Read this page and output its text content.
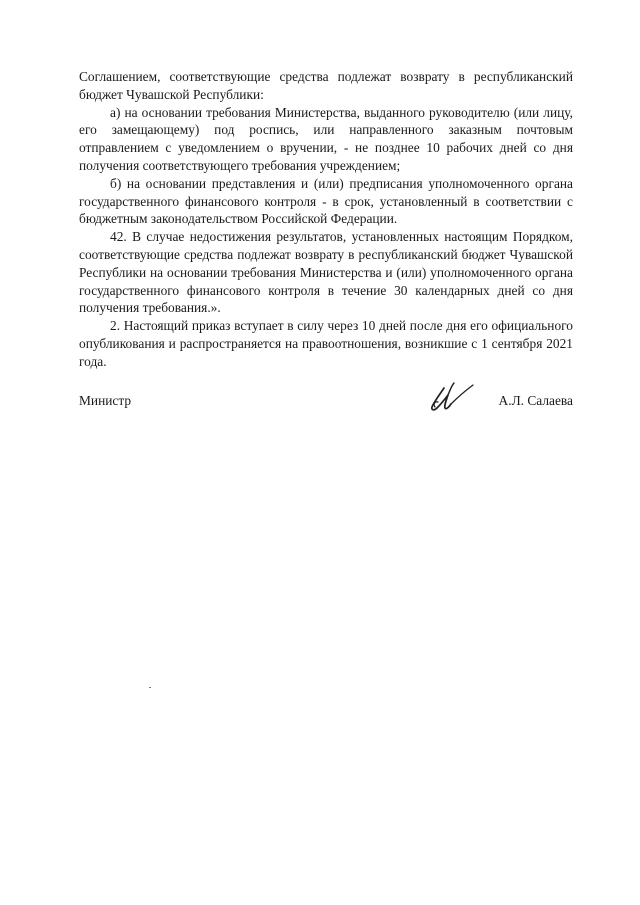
Соглашением, соответствующие средства подлежат возврату в республиканский бюджет Чувашской Республики:

а) на основании требования Министерства, выданного руководителю (или лицу, его замещающему) под роспись, или направленного заказным почтовым отправлением с уведомлением о вручении, - не позднее 10 рабочих дней со дня получения соответствующего требования учреждением;

б) на основании представления и (или) предписания уполномоченного органа государственного финансового контроля - в срок, установленный в соответствии с бюджетным законодательством Российской Федерации.

42. В случае недостижения результатов, установленных настоящим Порядком, соответствующие средства подлежат возврату в республиканский бюджет Чувашской Республики на основании требования Министерства и (или) уполномоченного органа государственного финансового контроля в течение 30 календарных дней со дня получения требования.».

2. Настоящий приказ вступает в силу через 10 дней после дня его официального опубликования и распространяется на правоотношения, возникшие с 1 сентября 2021 года.

Министр	А.Л. Салаева
